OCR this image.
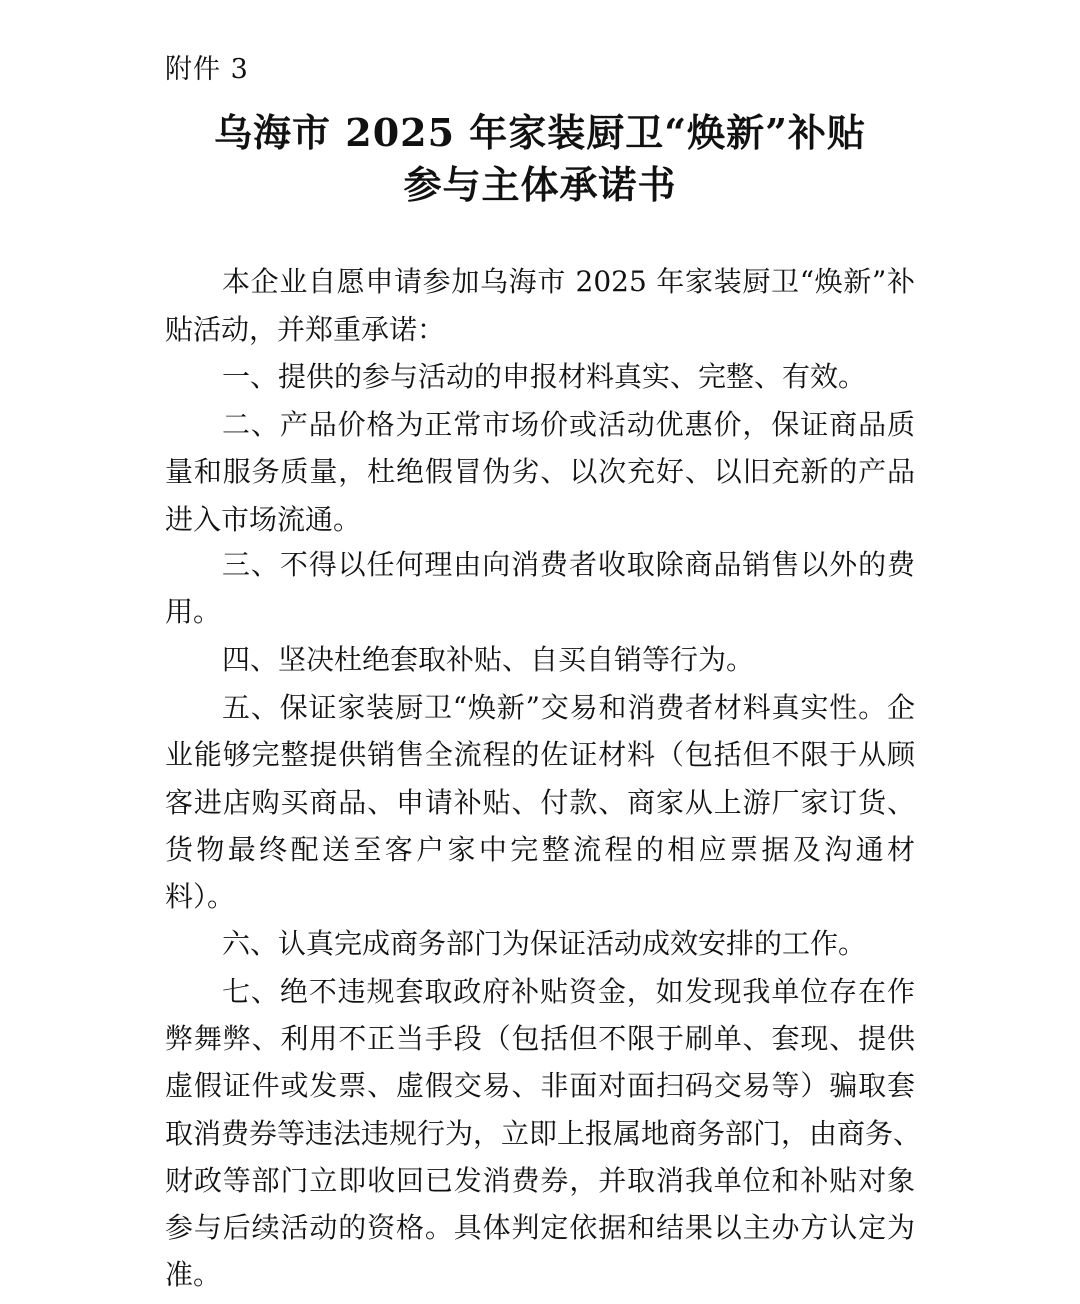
附件 3
乌海市 2025 年家装厨卫“焕新”补贴
参与主体承诺书
本企业自愿申请参加乌海市 2025 年家装厨卫“焕新”补
贴活动，并郑重承诺：
一、提供的参与活动的申报材料真实、完整、有效。
二、产品价格为正常市场价或活动优惠价，保证商品质
量和服务质量，杜绝假冒伪劣、以次充好、以旧充新的产品
进入市场流通。
三、不得以任何理由向消费者收取除商品销售以外的费
用。
四、坚决杜绝套取补贴、自买自销等行为。
五、保证家装厨卫“焕新”交易和消费者材料真实性。企
业能够完整提供销售全流程的佐证材料（包括但不限于从顾
客进店购买商品、申请补贴、付款、商家从上游厂家订货、
货物最终配送至客户家中完整流程的相应票据及沟通材
料）。
六、认真完成商务部门为保证活动成效安排的工作。
七、绝不违规套取政府补贴资金，如发现我单位存在作
弊舞弊、利用不正当手段（包括但不限于刷单、套现、提供
虚假证件或发票、虚假交易、非面对面扫码交易等）骗取套
取消费券等违法违规行为，立即上报属地商务部门，由商务、
财政等部门立即收回已发消费券，并取消我单位和补贴对象
参与后续活动的资格。具体判定依据和结果以主办方认定为
准。
